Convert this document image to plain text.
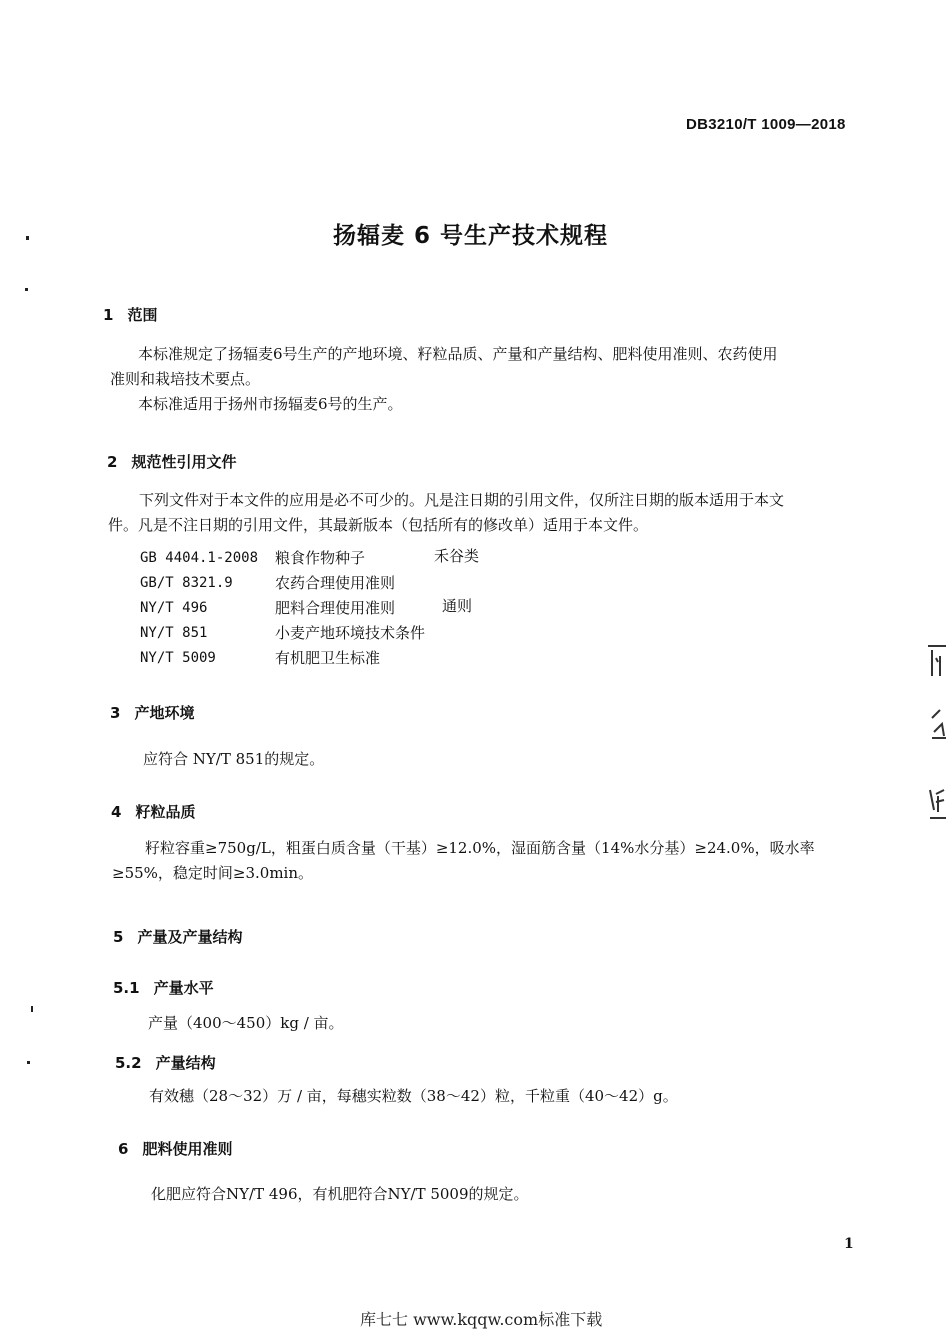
DB3210/T 1009—2018
扬辐麦 6 号生产技术规程
1 范围
本标准规定了扬辐麦6号生产的产地环境、籽粒品质、产量和产量结构、肥料使用准则、农药使用
准则和栽培技术要点。
本标准适用于扬州市扬辐麦6号的生产。
2 规范性引用文件
下列文件对于本文件的应用是必不可少的。凡是注日期的引用文件，仅所注日期的版本适用于本文
件。凡是不注日期的引用文件，其最新版本（包括所有的修改单）适用于本文件。
GB 4404.1-2008 粮食作物种子	禾谷类
GB/T 8321.9	农药合理使用准则
NY/T 496	肥料合理使用准则	通则
NY/T 851	小麦产地环境技术条件
NY/T 5009	有机肥卫生标准
3 产地环境
应符合 NY/T 851的规定。
4 籽粒品质
籽粒容重≥750g/L，粗蛋白质含量（干基）≥12.0%，湿面筋含量（14%水分基）≥24.0%，吸水率
≥55%，稳定时间≥3.0min。
5 产量及产量结构
5.1 产量水平
产量（400～450）kg / 亩。
5.2 产量结构
有效穗（28～32）万 / 亩，每穗实粒数（38～42）粒，千粒重（40～42）g。
6 肥料使用准则
化肥应符合NY/T 496，有机肥符合NY/T 5009的规定。
1
库七七 www.kqqw.com标准下载
